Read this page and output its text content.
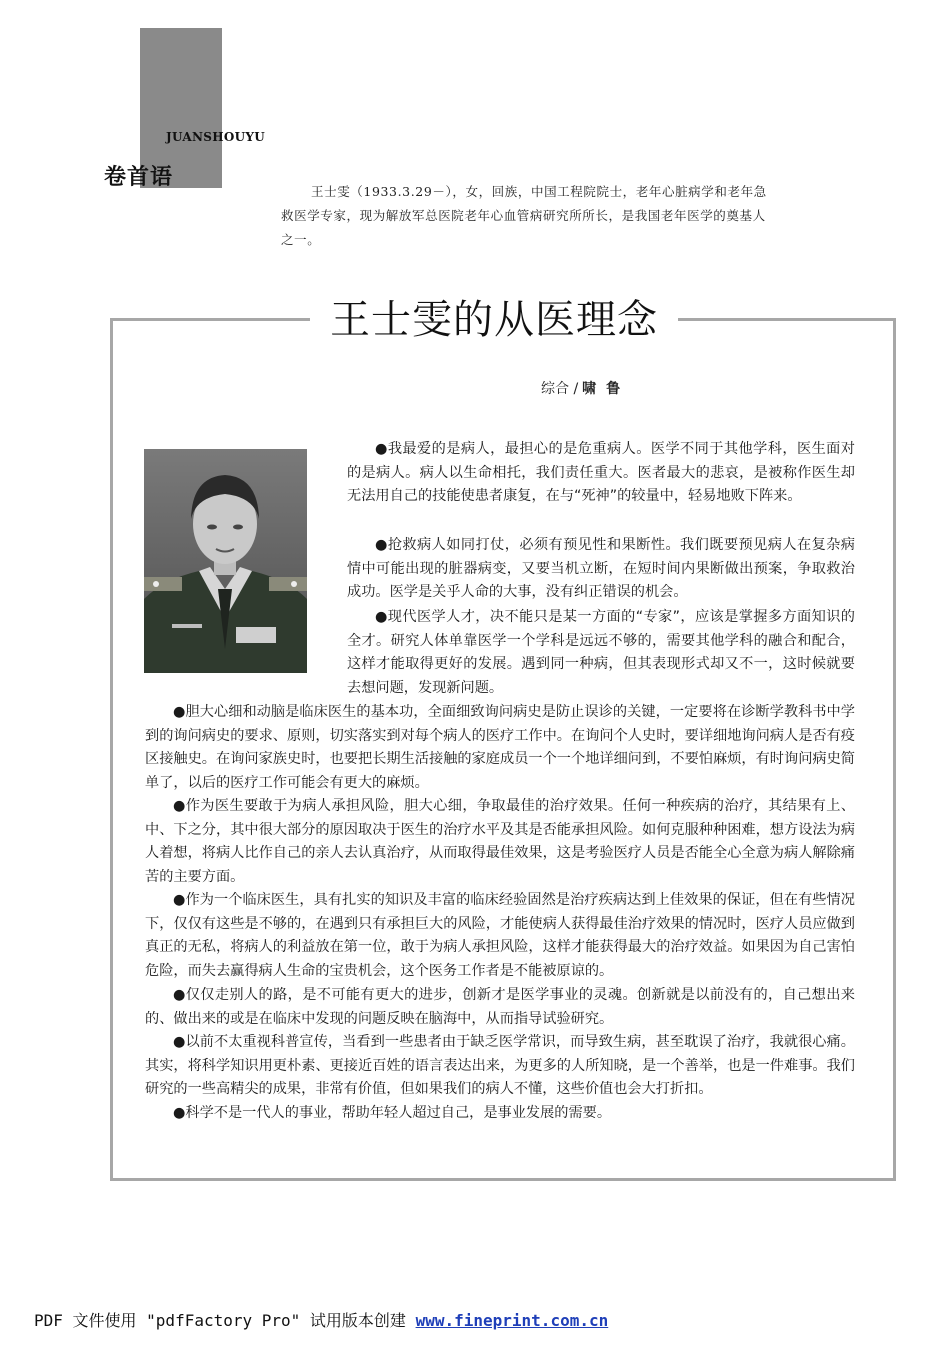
JUANSHOUYU
卷首语

王士雯（1933.3.29－），女，回族，中国工程院院士，老年心脏病学和老年急救医学专家，现为解放军总医院老年心血管病研究所所长，是我国老年医学的奠基人之一。

王士雯的从医理念
综合 / 啸鲁

● 我最爱的是病人，最担心的是危重病人。医学不同于其他学科，医生面对的是病人。病人以生命相托，我们责任重大。医者最大的悲哀，是被称作医生却无法用自己的技能使患者康复，在与“死神”的较量中，轻易地败下阵来。

● 抢救病人如同打仗，必须有预见性和果断性。我们既要预见病人在复杂病情中可能出现的脏器病变，又要当机立断，在短时间内果断做出预案，争取救治成功。医学是关乎人命的大事，没有纠正错误的机会。

● 现代医学人才，决不能只是某一方面的“专家”，应该是掌握多方面知识的全才。研究人体单靠医学一个学科是远远不够的，需要其他学科的融合和配合，这样才能取得更好的发展。遇到同一种病，但其表现形式却又不一，这时候就要去想问题，发现新问题。

● 胆大心细和动脑是临床医生的基本功，全面细致询问病史是防止误诊的关键，一定要将在诊断学教科书中学到的询问病史的要求、原则，切实落实到对每个病人的医疗工作中。在询问个人史时，要详细地询问病人是否有疫区接触史。在询问家族史时，也要把长期生活接触的家庭成员一个一个地详细问到，不要怕麻烦，有时询问病史简单了，以后的医疗工作可能会有更大的麻烦。

● 作为医生要敢于为病人承担风险，胆大心细，争取最佳的治疗效果。任何一种疾病的治疗，其结果有上、中、下之分，其中很大部分的原因取决于医生的治疗水平及其是否能承担风险。如何克服种种困难，想方设法为病人着想，将病人比作自己的亲人去认真治疗，从而取得最佳效果，这是考验医疗人员是否能全心全意为病人解除痛苦的主要方面。

● 作为一个临床医生，具有扎实的知识及丰富的临床经验固然是治疗疾病达到上佳效果的保证，但在有些情况下，仅仅有这些是不够的，在遇到只有承担巨大的风险，才能使病人获得最佳治疗效果的情况时，医疗人员应做到真正的无私，将病人的利益放在第一位，敢于为病人承担风险，这样才能获得最大的治疗效益。如果因为自己害怕危险，而失去赢得病人生命的宝贵机会，这个医务工作者是不能被原谅的。

● 仅仅走别人的路，是不可能有更大的进步，创新才是医学事业的灵魂。创新就是以前没有的，自己想出来的、做出来的或是在临床中发现的问题反映在脑海中，从而指导试验研究。

● 以前不太重视科普宣传，当看到一些患者由于缺乏医学常识，而导致生病，甚至耽误了治疗，我就很心痛。其实，将科学知识用更朴素、更接近百姓的语言表达出来，为更多的人所知晓，是一个善举，也是一件难事。我们研究的一些高精尖的成果，非常有价值，但如果我们的病人不懂，这些价值也会大打折扣。

● 科学不是一代人的事业，帮助年轻人超过自己，是事业发展的需要。

PDF 文件使用 "pdfFactory Pro" 试用版本创建 www.fineprint.com.cn
